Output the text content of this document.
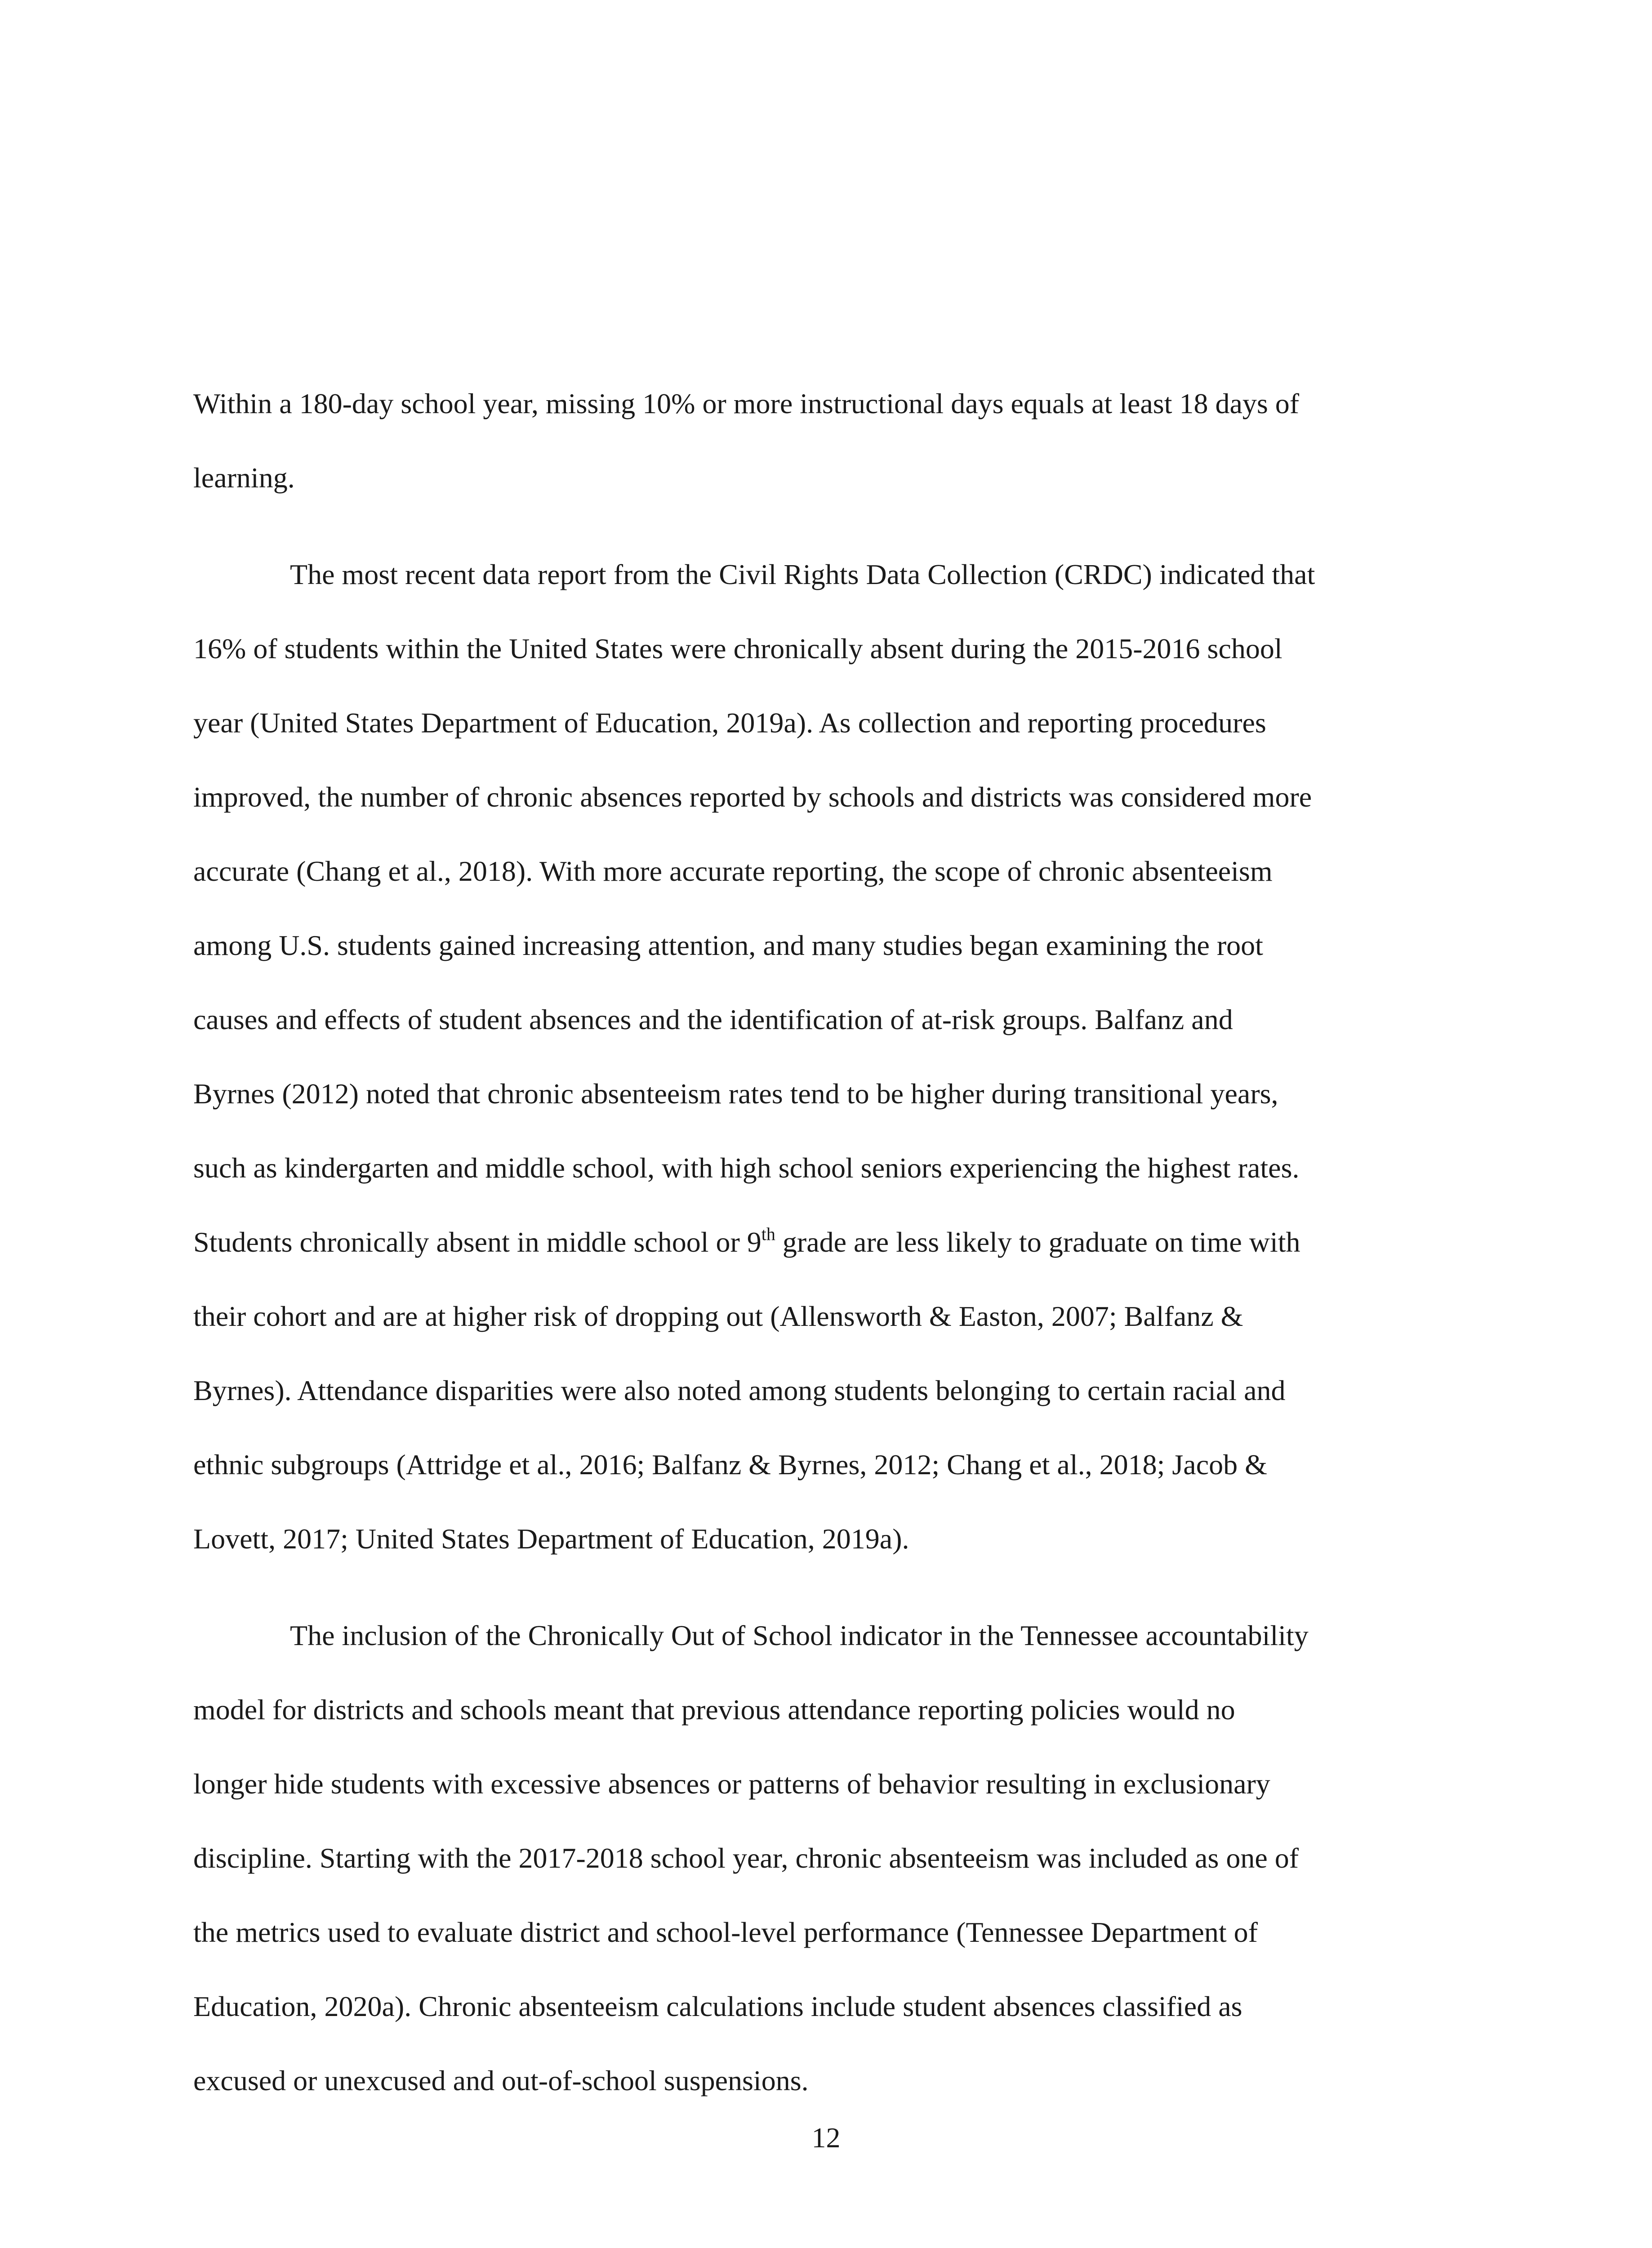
Within a 180-day school year, missing 10% or more instructional days equals at least 18 days of
learning.
The most recent data report from the Civil Rights Data Collection (CRDC) indicated that
16% of students within the United States were chronically absent during the 2015-2016 school
year (United States Department of Education, 2019a). As collection and reporting procedures
improved, the number of chronic absences reported by schools and districts was considered more
accurate (Chang et al., 2018). With more accurate reporting, the scope of chronic absenteeism
among U.S. students gained increasing attention, and many studies began examining the root
causes and effects of student absences and the identification of at-risk groups. Balfanz and
Byrnes (2012) noted that chronic absenteeism rates tend to be higher during transitional years,
such as kindergarten and middle school, with high school seniors experiencing the highest rates.
Students chronically absent in middle school or 9th grade are less likely to graduate on time with
their cohort and are at higher risk of dropping out (Allensworth & Easton, 2007; Balfanz &
Byrnes). Attendance disparities were also noted among students belonging to certain racial and
ethnic subgroups (Attridge et al., 2016; Balfanz & Byrnes, 2012; Chang et al., 2018; Jacob &
Lovett, 2017; United States Department of Education, 2019a).
The inclusion of the Chronically Out of School indicator in the Tennessee accountability
model for districts and schools meant that previous attendance reporting policies would no
longer hide students with excessive absences or patterns of behavior resulting in exclusionary
discipline. Starting with the 2017-2018 school year, chronic absenteeism was included as one of
the metrics used to evaluate district and school-level performance (Tennessee Department of
Education, 2020a). Chronic absenteeism calculations include student absences classified as
excused or unexcused and out-of-school suspensions.
12
